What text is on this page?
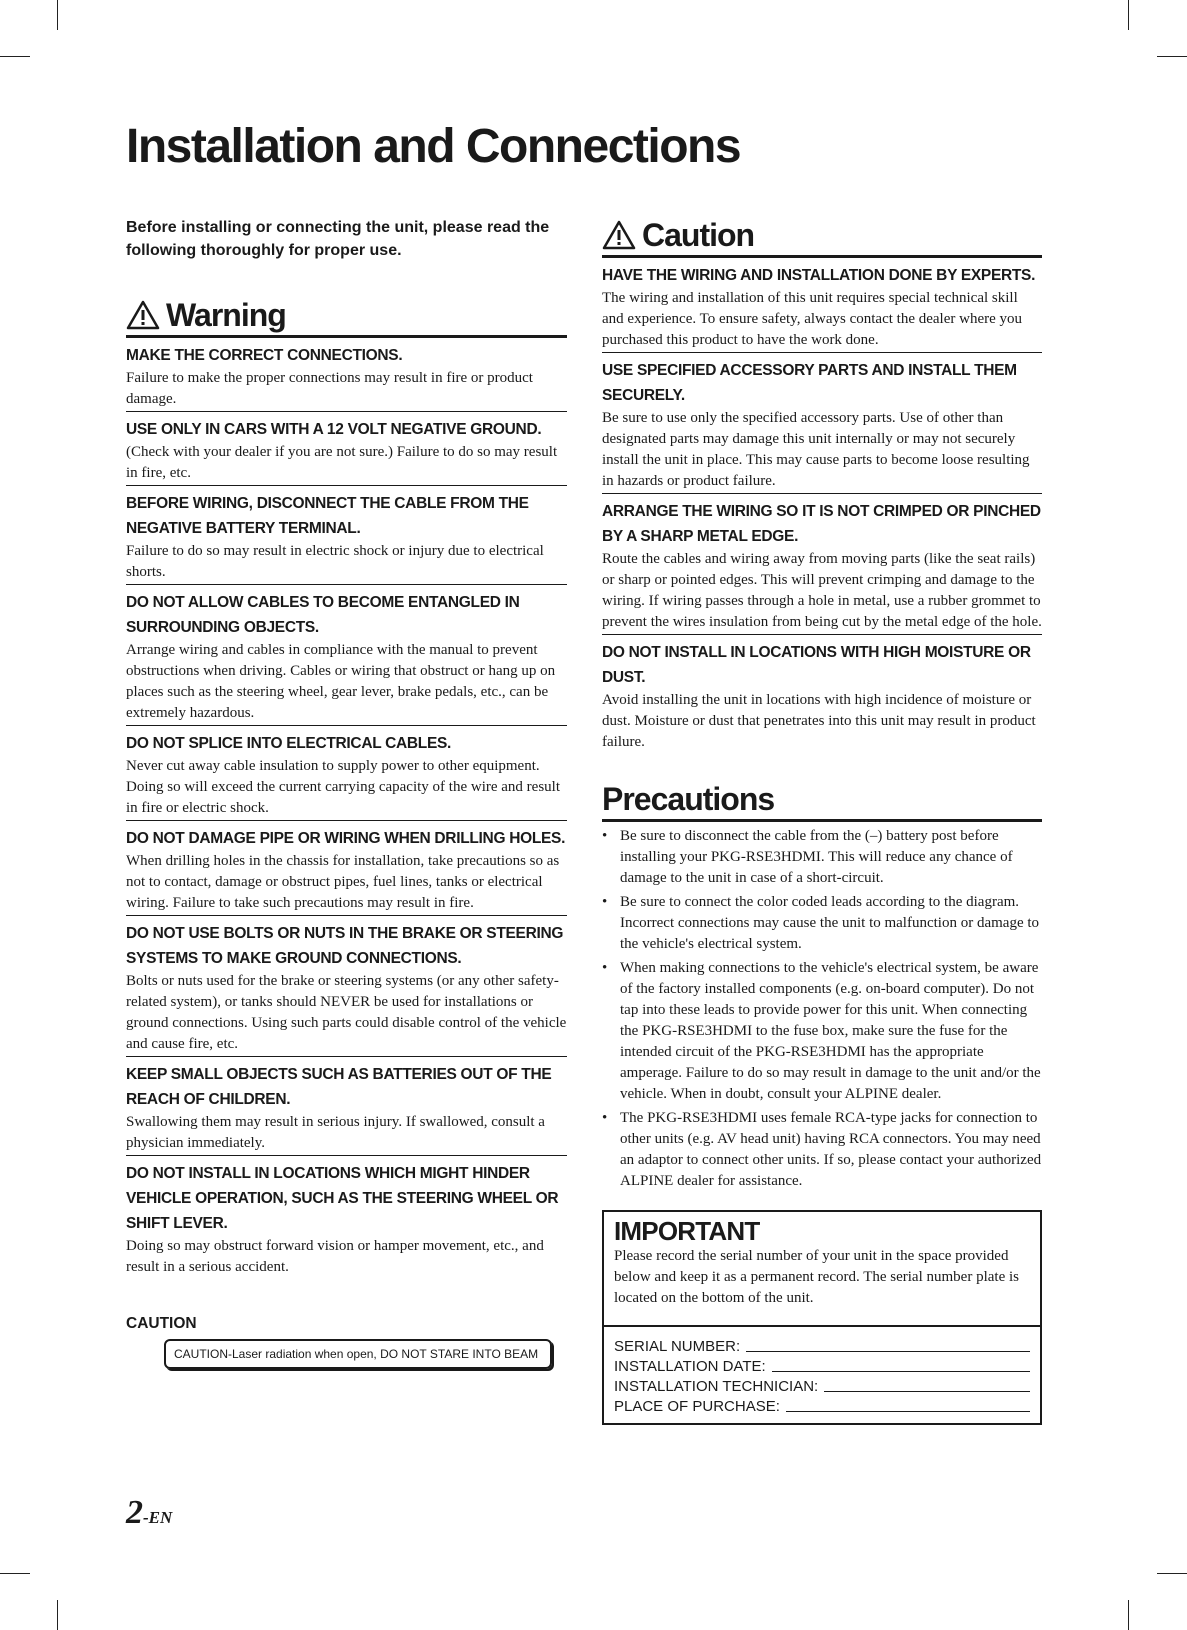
Installation and Connections

Before installing or connecting the unit, please read the following thoroughly for proper use.

Warning

MAKE THE CORRECT CONNECTIONS.

Failure to make the proper connections may result in fire or product damage.

USE ONLY IN CARS WITH A 12 VOLT NEGATIVE GROUND.

(Check with your dealer if you are not sure.) Failure to do so may result in fire, etc.

BEFORE WIRING, DISCONNECT THE CABLE FROM THE NEGATIVE BATTERY TERMINAL.

Failure to do so may result in electric shock or injury due to electrical shorts.

DO NOT ALLOW CABLES TO BECOME ENTANGLED IN SURROUNDING OBJECTS.

Arrange wiring and cables in compliance with the manual to prevent obstructions when driving. Cables or wiring that obstruct or hang up on places such as the steering wheel, gear lever, brake pedals, etc., can be extremely hazardous.

DO NOT SPLICE INTO ELECTRICAL CABLES.

Never cut away cable insulation to supply power to other equipment. Doing so will exceed the current carrying capacity of the wire and result in fire or electric shock.

DO NOT DAMAGE PIPE OR WIRING WHEN DRILLING HOLES.

When drilling holes in the chassis for installation, take precautions so as not to contact, damage or obstruct pipes, fuel lines, tanks or electrical wiring. Failure to take such precautions may result in fire.

DO NOT USE BOLTS OR NUTS IN THE BRAKE OR STEERING SYSTEMS TO MAKE GROUND CONNECTIONS.

Bolts or nuts used for the brake or steering systems (or any other safety-related system), or tanks should NEVER be used for installations or ground connections. Using such parts could disable control of the vehicle and cause fire, etc.

KEEP SMALL OBJECTS SUCH AS BATTERIES OUT OF THE REACH OF CHILDREN.

Swallowing them may result in serious injury. If swallowed, consult a physician immediately.

DO NOT INSTALL IN LOCATIONS WHICH MIGHT HINDER VEHICLE OPERATION, SUCH AS THE STEERING WHEEL OR SHIFT LEVER.

Doing so may obstruct forward vision or hamper movement, etc., and result in a serious accident.

CAUTION
CAUTION-Laser radiation when open, DO NOT STARE INTO BEAM
Caution

HAVE THE WIRING AND INSTALLATION DONE BY EXPERTS.

The wiring and installation of this unit requires special technical skill and experience. To ensure safety, always contact the dealer where you purchased this product to have the work done.

USE SPECIFIED ACCESSORY PARTS AND INSTALL THEM SECURELY.

Be sure to use only the specified accessory parts. Use of other than designated parts may damage this unit internally or may not securely install the unit in place. This may cause parts to become loose resulting in hazards or product failure.

ARRANGE THE WIRING SO IT IS NOT CRIMPED OR PINCHED BY A SHARP METAL EDGE.

Route the cables and wiring away from moving parts (like the seat rails) or sharp or pointed edges. This will prevent crimping and damage to the wiring. If wiring passes through a hole in metal, use a rubber grommet to prevent the wires insulation from being cut by the metal edge of the hole.

DO NOT INSTALL IN LOCATIONS WITH HIGH MOISTURE OR DUST.

Avoid installing the unit in locations with high incidence of moisture or dust. Moisture or dust that penetrates into this unit may result in product failure.

Precautions
• Be sure to disconnect the cable from the (–) battery post before installing your PKG-RSE3HDMI. This will reduce any chance of damage to the unit in case of a short-circuit.
• Be sure to connect the color coded leads according to the diagram. Incorrect connections may cause the unit to malfunction or damage to the vehicle's electrical system.
• When making connections to the vehicle's electrical system, be aware of the factory installed components (e.g. on-board computer). Do not tap into these leads to provide power for this unit. When connecting the PKG-RSE3HDMI to the fuse box, make sure the fuse for the intended circuit of the PKG-RSE3HDMI has the appropriate amperage. Failure to do so may result in damage to the unit and/or the vehicle. When in doubt, consult your ALPINE dealer.
• The PKG-RSE3HDMI uses female RCA-type jacks for connection to other units (e.g. AV head unit) having RCA connectors. You may need an adaptor to connect other units. If so, please contact your authorized ALPINE dealer for assistance.

IMPORTANT

Please record the serial number of your unit in the space provided below and keep it as a permanent record. The serial number plate is located on the bottom of the unit.

SERIAL NUMBER:
INSTALLATION DATE:
INSTALLATION TECHNICIAN:
PLACE OF PURCHASE:
2-EN
